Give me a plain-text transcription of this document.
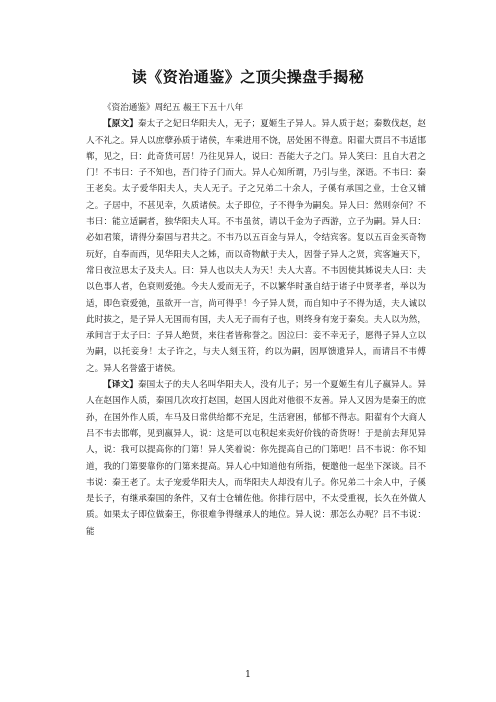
读《资治通鉴》之顶尖操盘手揭秘

《资治通鉴》周纪五 赧王下五十八年

【原文】秦太子之妃曰华阳夫人，无子；夏姬生子异人。异人质于赵；秦数伐赵，赵人不礼之。异人以庶孽孙质于诸侯，车乘进用不饶，居处困不得意。阳翟大贾吕不韦适邯郸，见之，曰：此奇货可居！乃往见异人，说曰：吾能大子之门。异人笑曰：且自大君之门！不韦曰：子不知也，吾门待子门而大。异人心知所谓，乃引与坐，深语。不韦曰：秦王老矣。太子爱华阳夫人，夫人无子。子之兄弟二十余人，子傒有承国之业，士仓又辅之。子居中，不甚见幸，久质诸侯。太子即位，子不得争为嗣矣。异人曰：然则奈何？不韦曰：能立适嗣者，独华阳夫人耳。不韦虽贫，请以千金为子西游，立子为嗣。异人曰：必如君策，请得分秦国与君共之。不韦乃以五百金与异人，令结宾客。复以五百金买奇物玩好，自奉而西，见华阳夫人之姊，而以奇物献于夫人，因誉子异人之贤，宾客遍天下，常日夜泣思太子及夫人。曰：异人也以夫人为天！夫人大喜。不韦因使其姊说夫人曰：夫以色事人者，色衰则爱弛。今夫人爱而无子，不以繁华时蚤自结于诸子中贤孝者，举以为适，即色衰爱弛，虽欲开一言，尚可得乎！今子异人贤，而自知中子不得为适，夫人诚以此时拔之，是子异人无国而有国，夫人无子而有子也，则终身有宠于秦矣。夫人以为然，承间言于太子曰：子异人绝贤，来往者皆称誉之。因泣曰：妾不幸无子，愿得子异人立以为嗣，以托妾身！太子许之，与夫人刻玉符，约以为嗣，因厚馈遗异人，而请吕不韦傅之。异人名誉盛于诸侯。

【译文】秦国太子的夫人名叫华阳夫人，没有儿子；另一个夏姬生有儿子嬴异人。异人在赵国作人质，秦国几次攻打赵国，赵国人因此对他很不友善。异人又因为是秦王的庶孙，在国外作人质，车马及日常供给都不充足，生活窘困，郁郁不得志。阳翟有个大商人吕不韦去邯郸，见到嬴异人，说：这是可以屯积起来卖好价钱的奇货呀！于是前去拜见异人，说：我可以提高你的门第！异人笑着说：你先提高自己的门第吧！吕不韦说：你不知道，我的门第要靠你的门第来提高。异人心中知道他有所指，便邀他一起坐下深谈。吕不韦说：秦王老了。太子宠爱华阳夫人，而华阳夫人却没有儿子。你兄弟二十余人中，子傒是长子，有继承秦国的条件，又有士仓辅佐他。你排行居中，不太受重视，长久在外做人质。如果太子即位做秦王，你很难争得继承人的地位。异人说：那怎么办呢？吕不韦说：能

1
